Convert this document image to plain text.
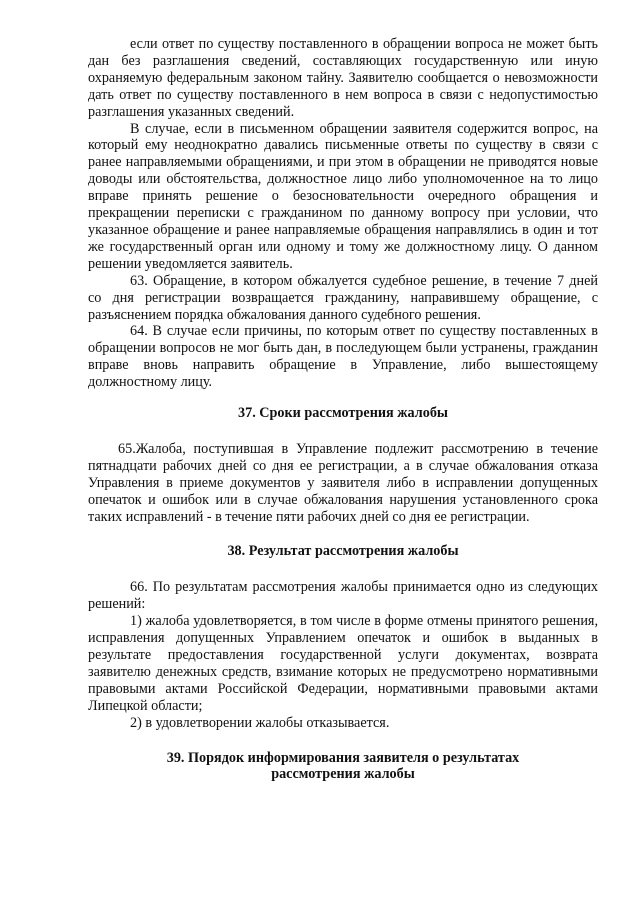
если ответ по существу поставленного в обращении вопроса не может быть дан без разглашения сведений, составляющих государственную или иную охраняемую федеральным законом тайну. Заявителю сообщается о невозможности дать ответ по существу поставленного в нем вопроса в связи с недопустимостью разглашения указанных сведений.

В случае, если в письменном обращении заявителя содержится вопрос, на который ему неоднократно давались письменные ответы по существу в связи с ранее направляемыми обращениями, и при этом в обращении не приводятся новые доводы или обстоятельства, должностное лицо либо уполномоченное на то лицо вправе принять решение о безосновательности очередного обращения и прекращении переписки с гражданином по данному вопросу при условии, что указанное обращение и ранее направляемые обращения направлялись в один и тот же государственный орган или одному и тому же должностному лицу. О данном решении уведомляется заявитель.

63. Обращение, в котором обжалуется судебное решение, в течение 7 дней со дня регистрации возвращается гражданину, направившему обращение, с разъяснением порядка обжалования данного судебного решения.

64. В случае если причины, по которым ответ по существу поставленных в обращении вопросов не мог быть дан, в последующем были устранены, гражданин вправе вновь направить обращение в Управление, либо вышестоящему должностному лицу.

37. Сроки рассмотрения жалобы

65.Жалоба, поступившая в Управление подлежит рассмотрению в течение пятнадцати рабочих дней со дня ее регистрации, а в случае обжалования отказа Управления в приеме документов у заявителя либо в исправлении допущенных опечаток и ошибок или в случае обжалования нарушения установленного срока таких исправлений - в течение пяти рабочих дней со дня ее регистрации.

38. Результат рассмотрения жалобы

66. По результатам рассмотрения жалобы принимается одно из следующих решений:

1) жалоба удовлетворяется, в том числе в форме отмены принятого решения, исправления допущенных Управлением опечаток и ошибок в выданных в результате предоставления государственной услуги документах, возврата заявителю денежных средств, взимание которых не предусмотрено нормативными правовыми актами Российской Федерации, нормативными правовыми актами Липецкой области;

2) в удовлетворении жалобы отказывается.

39. Порядок информирования заявителя о результатах рассмотрения жалобы
